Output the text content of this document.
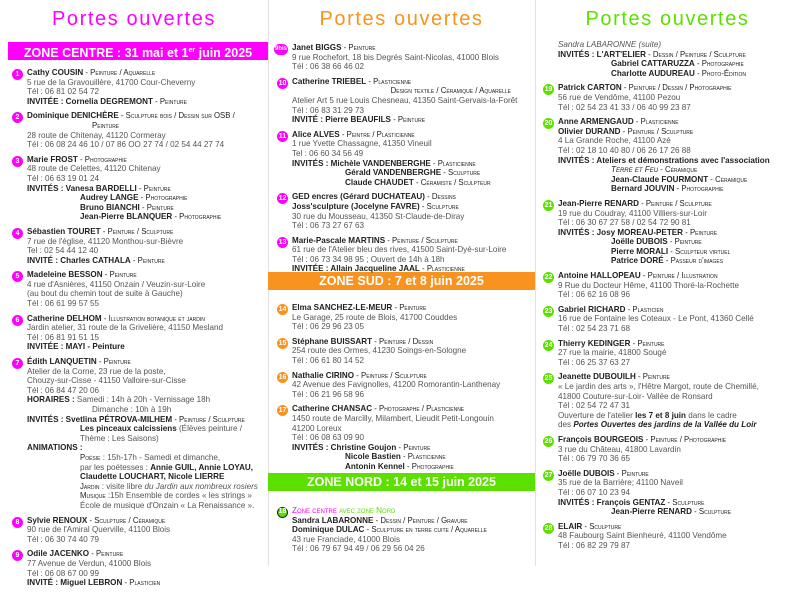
Portes ouvertes	Portes ouvertes	Portes ouvertes
ZONE CENTRE : 31 mai et 1er juin 2025
ZONE SUD : 7 et 8 juin 2025
ZONE NORD : 14 et 15 juin 2025
1 Cathy COUSIN - Peinture / Aquarelle
5 rue de la Gravouillère, 41700 Cour-Cheverny
Tél : 06 81 02 54 72
INVITÉE : Cornelia DEGREMONT - Peinture
2 Dominique DENICHÈRE - Sculpture bois / Dessin sur OSB /
Peinture
28 route de Chitenay, 41120 Cormeray
Tél : 06 08 24 46 10 / 07 86 OO 27 74 / 02 54 44 27 74
3 Marie FROST - Photographie
48 route de Celettes, 41120 Chitenay
Tél : 06 63 19 01 24
INVITÉS : Vanesa BARDELLI - Peinture
Audrey LANGE - Photographie
Bruno BIANCHI - Peinture
Jean-Pierre BLANQUER - Photographie
4 Sébastien TOURET - Peinture / Sculpture
7 rue de l'église, 41120 Monthou-sur-Bièvre
Tel : 02 54 44 12 40
INVITÉ : Charles CATHALA - Peinture
5 Madeleine BESSON - Peinture
4 rue d'Asnières, 41150 Onzain / Veuzin-sur-Loire
(au bout du chemin tout de suite à Gauche)
Tél : 06 61 99 57 55
6 Catherine DELHOM - Illustration botanique et jardin
Jardin atelier, 31 route de la Grivelière, 41150 Mesland
Tél : 06 81 91 51 15
INVITÉE : MAYI - Peinture
7 Édith LANQUETIN - Peinture
Atelier de la Corne, 23 rue de la poste,
Chouzy-sur-Cisse - 41150 Valloire-sur-Cisse
Tél : 06 84 47 20 06
HORAIRES : Samedi : 14h à 20h - Vernissage 18h
Dimanche : 10h à 19h
INVITÉS : Svetlina PÉTROVA-MILHEM - Peinture / Sculpture
Les pinceaux calcissiens (Élèves peinture /
Thème : Les Saisons)
ANIMATIONS :
Poésie : 15h-17h - Samedi et dimanche,
par les poétesses : Annie GUIL, Annie LOYAU,
Claudette LOUCHART, Nicole LIERRE
Jardin : visite libre du Jardin aux nombreux rosiers
Musique :15h Ensemble de cordes « les strings »
École de musique d'Onzain « La Renaissance ».
8 Sylvie RENOUX - Sculpture / Céramique
90 rue de l'Amiral Querville, 41100 Blois
Tél : 06 30 74 40 79
9 Odile JACENKO - Peinture
77 Avenue de Verdun, 41000 Blois
Tél : 06 08 67 00 99
INVITÉ : Miguel LEBRON - Plasticien
9bis Janet BIGGS - Peinture
9 rue Rochefort, 18 bis Degrés Saint-Nicolas, 41000 Blois
Tél : 06 38 66 46 02
10 Catherine TRIEBEL - Plasticienne
Design textile / Céramique / Aquarelle
Atelier Art 5 rue Louis Chesneau, 41350 Saint-Gervais-la-Forêt
Tél : 06 83 31 29 73
INVITÉ : Pierre BEAUFILS - Peinture
11 Alice ALVES - Peintre / Plasticienne
1 rue Yvette Chassagne, 41350 Vineuil
Tel : 06 60 34 56 49
INVITÉS : Michèle VANDENBERGHE - Plasticienne
Gérald VANDENBERGHE - Sculpture
Claude CHAUDET - Céramiste / Sculpteur
12 GED encres (Gérard DUCHATEAU) - Dessins
Joss'sculpture (Jocelyne FAVRE) - Sculpture
30 rue du Mousseau, 41350 St-Claude-de-Diray
Tél : 06 73 27 67 63
13 Marie-Pascale MARTINS - Peinture / Sculpture
61 rue de l'Atelier bleu des rives, 41500 Saint-Dyé-sur-Loire
Tél : 06 73 34 98 95 ; Ouvert de 14h à 18h
INVITÉE : Allain Jacqueline JAAL - Plasticienne
14 Elma SANCHEZ-LE-MEUR - Peinture
Le Garage, 25 route de Blois, 41700 Couddes
Tél : 06 29 96 23 05
15 Stéphane BUISSART - Peinture / Dessin
254 route des Ormes, 41230 Soings-en-Sologne
Tél : 06 61 80 14 52
16 Nathalie CIRINO - Peinture / Sculpture
42 Avenue des Favignolles, 41200 Romorantin-Lanthenay
Tél : 06 21 96 58 96
17 Catherine CHANSAC - Photographe / Plasticienne
1450 route de Marcilly, Milambert, Lieudit Petit-Longouin
41200 Loreux
Tél : 06 08 63 09 90
INVITÉS : Christine Goujon - Peinture
Nicole Bastien - Plasticienne
Antonin Kennel - Photographie
18 Zone centre avec zone Nord
Sandra LABARONNE - Dessin / Peinture / Gravure
Dominique DULAC - Sculpture en terre cuite / Aquarelle
43 rue Franciade, 41000 Blois
Tél : 06 79 67 94 49 / 06 29 56 04 26
Sandra LABARONNE (suite)
INVITÉS : L'ART'ELIER - Dessin / Peinture / Sculpture
Gabriel CATTARUZZA - Photographie
Charlotte AUDUREAU - Photo-Édition
19 Patrick CARTON - Peinture / Dessin / Photographie
56 rue de Vendôme, 41100 Pezou
Tél : 02 54 23 41 33 / 06 40 99 23 87
20 Anne ARMENGAUD - Plasticienne
Olivier DURAND - Peinture / Sculpture
4 La Grande Roche, 41100 Azé
Tél : 02 18 10 40 80 / 06 26 17 26 88
INVITÉS : Ateliers et démonstrations avec l'association
Terre et Feu - Céramique
Jean-Claude FOURMONT - Céramique
Bernard JOUVIN - Photographie
21 Jean-Pierre RENARD - Peinture / Sculpture
19 rue du Coudray, 41100 Villiers-sur-Loir
Tél : 06 30 67 27 58 / 02 54 72 90 81
INVITÉS : Josy MOREAU-PETER - Peinture
Joëlle DUBOIS - Peinture
Pierre MORALI - Sculpteur virtuel
Patrice DORÉ - Passeur d'images
22 Antoine HALLOPEAU - Peinture / Illustration
9 Rue du Docteur Hême, 41100 Thoré-la-Rochette
Tél : 06 62 16 08 96
23 Gabriel RICHARD - Plasticien
16 rue de Fontaine les Coteaux - Le Pont, 41360 Cellé
Tél : 02 54 23 71 68
24 Thierry KEDINGER - Peinture
27 rue la mairie, 41800 Sougé
Tél : 06 25 37 63 27
25 Jeanette DUBOUILH - Peinture
« Le jardin des arts », l'Hêtre Margot, route de Chemillé,
41800 Couture-sur-Loir- Vallée de Ronsard
Tél : 02 54 72 47 31
Ouverture de l'atelier les 7 et 8 juin dans le cadre
des Portes Ouvertes des jardins de la Vallée du Loir
26 François BOURGEOIS - Peinture / Photographie
3 rue du Château, 41800 Lavardin
Tél : 06 79 70 36 65
27 Joëlle DUBOIS - Peinture
35 rue de la Barrière; 41100 Naveil
Tél : 06 07 10 23 94
INVITÉS : François GENTAZ - Sculpture
Jean-Pierre RENARD - Sculpture
28 ELAIR - Sculpture
48 Faubourg Saint Bienheuré, 41100 Vendôme
Tél : 06 82 29 79 87
